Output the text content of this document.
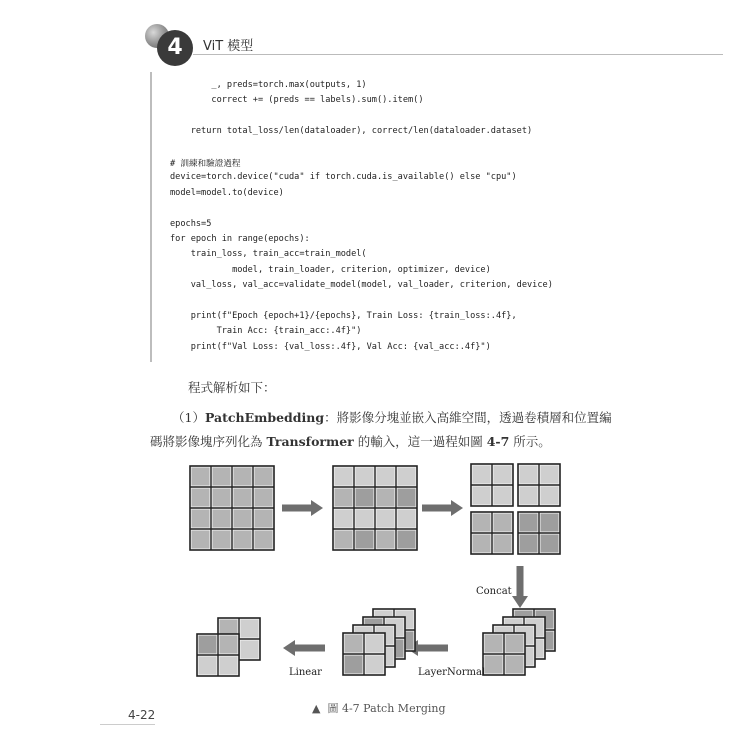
4	ViT 模型
_, preds=torch.max(outputs, 1)
correct += (preds == labels).sum().item()
return total_loss/len(dataloader), correct/len(dataloader.dataset)
# 訓練和驗證過程
device=torch.device("cuda" if torch.cuda.is_available() else "cpu")
model=model.to(device)
epochs=5
for epoch in range(epochs):
train_loss, train_acc=train_model(
model, train_loader, criterion, optimizer, device)
val_loss, val_acc=validate_model(model, val_loader, criterion, device)
print(f"Epoch {epoch+1}/{epochs}, Train Loss: {train_loss:.4f},
Train Acc: {train_acc:.4f}")
print(f"Val Loss: {val_loss:.4f}, Val Acc: {val_acc:.4f}")
程式解析如下：
（1）PatchEmbedding：將影像分塊並嵌入高維空間，透過卷積層和位置編
碼將影像塊序列化為 Transformer 的輸入，這一過程如圖 4-7 所示。
Concat
LayerNormal
Linear
▲ 圖 4-7 Patch Merging
4-22
